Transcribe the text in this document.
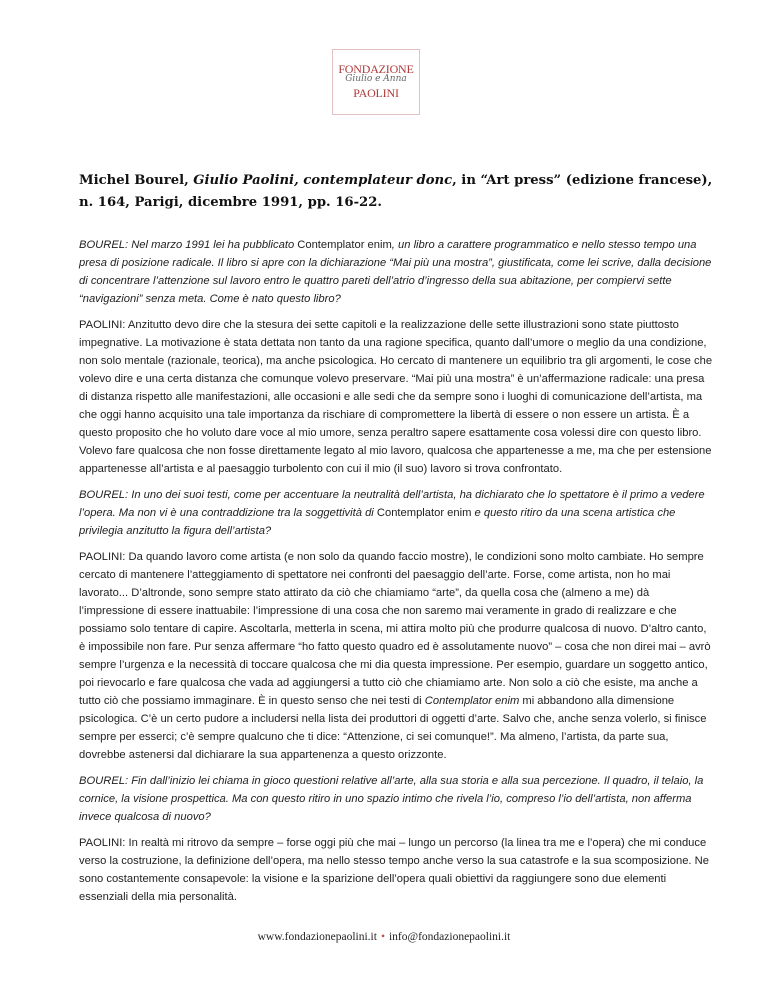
FONDAZIONE
Giulio e Anna
PAOLINI
Michel Bourel, Giulio Paolini, contemplateur donc, in “Art press” (edizione francese), n. 164, Parigi, dicembre 1991, pp. 16-22.

BOUREL: Nel marzo 1991 lei ha pubblicato Contemplator enim, un libro a carattere programmatico e nello stesso tempo una presa di posizione radicale. Il libro si apre con la dichiarazione “Mai più una mostra”, giustificata, come lei scrive, dalla decisione di concentrare l’attenzione sul lavoro entro le quattro pareti dell’atrio d’ingresso della sua abitazione, per compiervi sette “navigazioni” senza meta. Come è nato questo libro?

PAOLINI: Anzitutto devo dire che la stesura dei sette capitoli e la realizzazione delle sette illustrazioni sono state piuttosto impegnative. La motivazione è stata dettata non tanto da una ragione specifica, quanto dall’umore o meglio da una condizione, non solo mentale (razionale, teorica), ma anche psicologica. Ho cercato di mantenere un equilibrio tra gli argomenti, le cose che volevo dire e una certa distanza che comunque volevo preservare. “Mai più una mostra” è un’affermazione radicale: una presa di distanza rispetto alle manifestazioni, alle occasioni e alle sedi che da sempre sono i luoghi di comunicazione dell’artista, ma che oggi hanno acquisito una tale importanza da rischiare di compromettere la libertà di essere o non essere un artista. È a questo proposito che ho voluto dare voce al mio umore, senza peraltro sapere esattamente cosa volessi dire con questo libro. Volevo fare qualcosa che non fosse direttamente legato al mio lavoro, qualcosa che appartenesse a me, ma che per estensione appartenesse all’artista e al paesaggio turbolento con cui il mio (il suo) lavoro si trova confrontato.

BOUREL: In uno dei suoi testi, come per accentuare la neutralità dell’artista, ha dichiarato che lo spettatore è il primo a vedere l’opera. Ma non vi è una contraddizione tra la soggettività di Contemplator enim e questo ritiro da una scena artistica che privilegia anzitutto la figura dell’artista?

PAOLINI: Da quando lavoro come artista (e non solo da quando faccio mostre), le condizioni sono molto cambiate. Ho sempre cercato di mantenere l’atteggiamento di spettatore nei confronti del paesaggio dell’arte. Forse, come artista, non ho mai lavorato... D’altronde, sono sempre stato attirato da ciò che chiamiamo “arte”, da quella cosa che (almeno a me) dà l’impressione di essere inattuabile: l’impressione di una cosa che non saremo mai veramente in grado di realizzare e che possiamo solo tentare di capire. Ascoltarla, metterla in scena, mi attira molto più che produrre qualcosa di nuovo. D’altro canto, è impossibile non fare. Pur senza affermare “ho fatto questo quadro ed è assolutamente nuovo” – cosa che non direi mai – avrò sempre l’urgenza e la necessità di toccare qualcosa che mi dia questa impressione. Per esempio, guardare un soggetto antico, poi rievocarlo e fare qualcosa che vada ad aggiungersi a tutto ciò che chiamiamo arte. Non solo a ciò che esiste, ma anche a tutto ciò che possiamo immaginare. È in questo senso che nei testi di Contemplator enim mi abbandono alla dimensione psicologica. C’è un certo pudore a includersi nella lista dei produttori di oggetti d’arte. Salvo che, anche senza volerlo, si finisce sempre per esserci; c’è sempre qualcuno che ti dice: “Attenzione, ci sei comunque!”. Ma almeno, l’artista, da parte sua, dovrebbe astenersi dal dichiarare la sua appartenenza a questo orizzonte.

BOUREL: Fin dall’inizio lei chiama in gioco questioni relative all’arte, alla sua storia e alla sua percezione. Il quadro, il telaio, la cornice, la visione prospettica. Ma con questo ritiro in uno spazio intimo che rivela l’io, compreso l’io dell’artista, non afferma invece qualcosa di nuovo?

PAOLINI: In realtà mi ritrovo da sempre – forse oggi più che mai – lungo un percorso (la linea tra me e l’opera) che mi conduce verso la costruzione, la definizione dell’opera, ma nello stesso tempo anche verso la sua catastrofe e la sua scomposizione. Ne sono costantemente consapevole: la visione e la sparizione dell’opera quali obiettivi da raggiungere sono due elementi essenziali della mia personalità.

www.fondazionepaolini.it • info@fondazionepaolini.it
